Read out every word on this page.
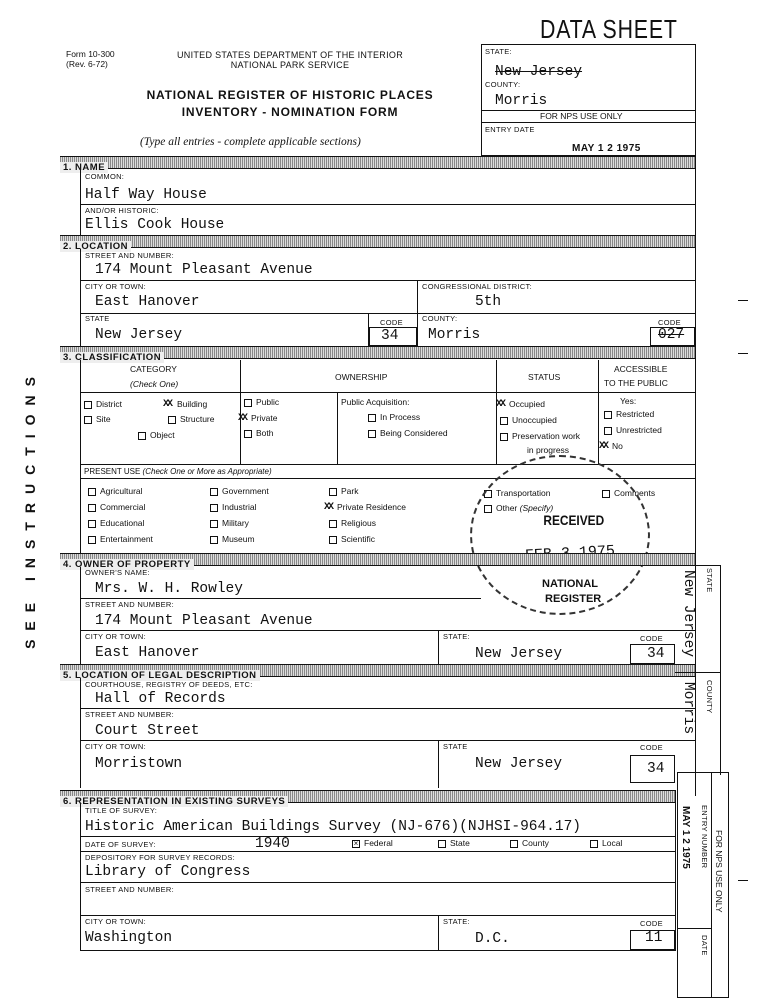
Form 10-300
(Rev. 6-72)
UNITED STATES DEPARTMENT OF THE INTERIOR
NATIONAL PARK SERVICE
NATIONAL REGISTER OF HISTORIC PLACES
INVENTORY - NOMINATION FORM
(Type all entries - complete applicable sections)
DATA SHEET
STATE:
New Jersey
COUNTY:
Morris
FOR NPS USE ONLY
ENTRY DATE
MAY 1 2 1975
SEE INSTRUCTIONS
1. NAME
COMMON:
Half Way House
AND/OR HISTORIC:
Ellis Cook House
2. LOCATION
STREET AND NUMBER:
174 Mount Pleasant Avenue
CITY OR TOWN:
East Hanover
CONGRESSIONAL DISTRICT:
5th
STATE
New Jersey
CODE
34
COUNTY:
Morris
CODE
027
3. CLASSIFICATION
CATEGORY
(Check One)
OWNERSHIP	STATUS
ACCESSIBLE
TO THE PUBLIC
District	XX Building
Site	Structure
Object
Public
XX Private
Both
Public Acquisition:
In Process
Being Considered
XX Occupied
Unoccupied
Preservation work
in progress
Yes:
Restricted
Unrestricted
XX No
PRESENT USE (Check One or More as Appropriate)
Agricultural
Commercial
Educational
Entertainment
Government
Industrial
Military
Museum
Park
XX Private Residence
Religious
Scientific
Transportation
Other (Specify)
Comments
RECEIVED
NATIONAL
REGISTER
4. OWNER OF PROPERTY
OWNER'S NAME:
Mrs. W. H. Rowley
STREET AND NUMBER:
174 Mount Pleasant Avenue
CITY OR TOWN:
East Hanover
STATE:
New Jersey
CODE
34
5. LOCATION OF LEGAL DESCRIPTION
COURTHOUSE, REGISTRY OF DEEDS, ETC:
Hall of Records
STREET AND NUMBER:
Court Street
CITY OR TOWN:
Morristown
STATE
New Jersey
CODE
34
6. REPRESENTATION IN EXISTING SURVEYS
TITLE OF SURVEY:
Historic American Buildings Survey (NJ-676)(NJHSI-964.17)
DATE OF SURVEY:	1940	× Federal	State	County	Local
DEPOSITORY FOR SURVEY RECORDS:
Library of Congress
STREET AND NUMBER:
CITY OR TOWN:
Washington
STATE:
D.C.
CODE
11
STATE
New Jersey
COUNTY
Morris
ENTRY NUMBER
DATE
FOR NPS USE ONLY
MAY 1 2 1975
